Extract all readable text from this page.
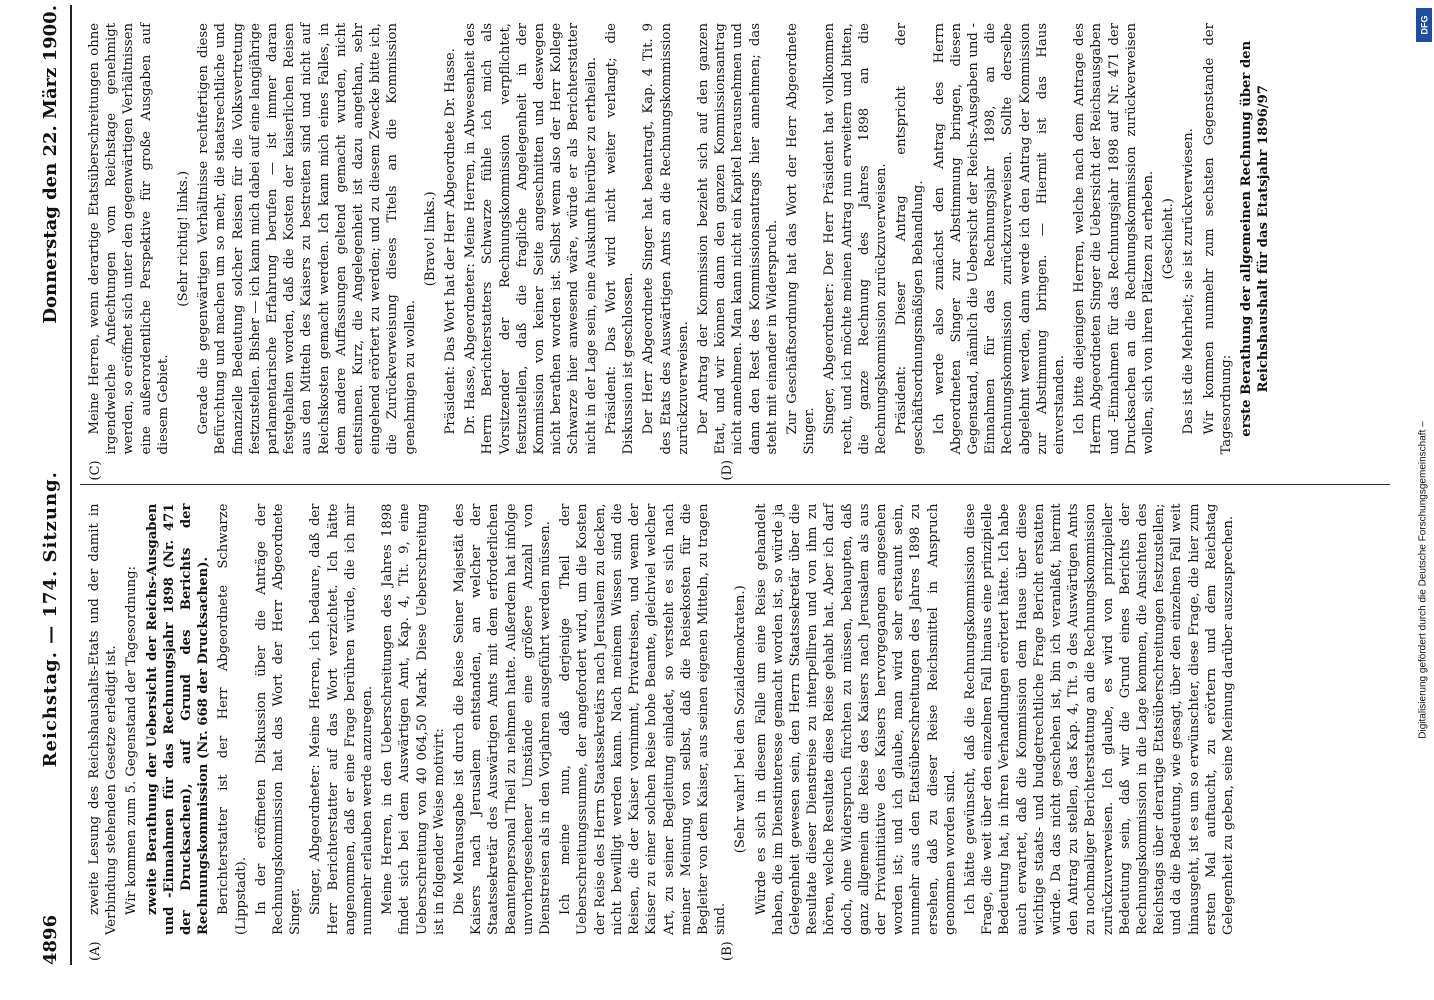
4896
Reichstag. — 174. Sitzung.
Donnerstag den 22. März 1900.
(A)	(B)

zweite Lesung des Reichshaushalts-Etats und der damit in Verbindung stehenden Gesetze erledigt ist. Wir kommen zum 5. Gegenstand der Tagesordnung: zweite Berathung der Uebersicht der Reichs-Ausgaben und -Einnahmen für das Rechnungsjahr 1898 (Nr. 471 der Drucksachen), auf Grund des Berichts der Rechnungskommission (Nr. 668 der Drucksachen). Berichterstatter ist der Herr Abgeordnete Schwarze (Lippstadt). In der eröffneten Diskussion über die Anträge der Rechnungskommission hat das Wort der Herr Abgeordnete Singer. Singer, Abgeordneter: Meine Herren, ich bedaure, daß der Herr Berichterstatter auf das Wort verzichtet. Ich hätte angenommen, daß er eine Frage berühren würde, die ich mir nunmehr erlauben werde anzuregen. Meine Herren, in den Ueberschreitungen des Jahres 1898 findet sich bei dem Auswärtigen Amt, Kap. 4, Tit. 9, eine Ueberschreitung von 40 064,50 Mark. Diese Ueberschreitung ist in folgender Weise motivirt: Die Mehrausgabe ist durch die Reise Seiner Majestät des Kaisers nach Jerusalem entstanden, an welcher der Staatssekretär des Auswärtigen Amts mit dem erforderlichen Beamtenpersonal Theil zu nehmen hatte. Außerdem hat infolge unvorhergesehener Umstände eine größere Anzahl von Dienstreisen als in den Vorjahren ausgeführt werden müssen. Ich meine nun, daß derjenige Theil der Ueberschreitungssumme, der angefordert wird, um die Kosten der Reise des Herrn Staatssekretärs nach Jerusalem zu decken, nicht bewilligt werden kann. Nach meinem Wissen sind die Reisen, die der Kaiser vornimmt, Privatreisen, und wenn der Kaiser zu einer solchen Reise hohe Beamte, gleichviel welcher Art, zu seiner Begleitung einladet, so versteht es sich nach meiner Meinung von selbst, daß die Reisekosten für die Begleiter von dem Kaiser, aus seinen eigenen Mitteln, zu tragen sind.

(Sehr wahr! bei den Sozialdemokraten.) Würde es sich in diesem Falle um eine Reise gehandelt haben, die im Dienstinteresse gemacht worden ist, so würde ja Gelegenheit gewesen sein, den Herrn Staatssekretär über die Resultate dieser Dienstreise zu interpelliren und von ihm zu hören, welche Resultate diese Reise gehabt hat. Aber ich darf doch, ohne Widerspruch fürchten zu müssen, behaupten, daß ganz allgemein die Reise des Kaisers nach Jerusalem als aus der Privatinitiative des Kaisers hervorgegangen angesehen worden ist; und ich glaube, man wird sehr erstaunt sein, nunmehr aus den Etatsüberschreitungen des Jahres 1898 zu ersehen, daß zu dieser Reise Reichsmittel in Anspruch genommen worden sind. Ich hätte gewünscht, daß die Rechnungskommission diese Frage, die weit über den einzelnen Fall hinaus eine prinzipielle Bedeutung hat, in ihren Verhandlungen erörtert hätte. Ich habe auch erwartet, daß die Kommission dem Hause über diese wichtige staats- und budgetrechtliche Frage Bericht erstatten würde. Da das nicht geschehen ist, bin ich veranlaßt, hiermit den Antrag zu stellen, das Kap. 4, Tit. 9 des Auswärtigen Amts zu nochmaliger Berichterstattung an die Rechnungskommission zurückzuverweisen. Ich glaube, es wird von prinzipieller Bedeutung sein, daß wir die Grund eines Berichts der Rechnungskommission in die Lage kommen, die Ansichten des Reichstags über derartige Etatsüberschreitungen festzustellen; und da die Bedeutung, wie gesagt, über den einzelnen Fall weit hinausgeht, ist es um so erwünschter, diese Frage, die hier zum ersten Mal auftaucht, zu erörtern und dem Reichstag Gelegenheit zu geben, seine Meinung darüber auszusprechen.

(C)	(D)

Meine Herren, wenn derartige Etatsüberschreitungen ohne irgendwelche Anfechtungen vom Reichstage genehmigt werden, so eröffnet sich unter den gegenwärtigen Verhältnissen eine außerordentliche Perspektive für große Ausgaben auf diesem Gebiet.

(Sehr richtig! links.) Gerade die gegenwärtigen Verhältnisse rechtfertigen diese Befürchtung und machen um so mehr, die staatsrechtliche und finanzielle Bedeutung solcher Reisen für die Volksvertretung festzustellen. Bisher — ich kann mich dabei auf eine langjährige parlamentarische Erfahrung berufen — ist immer daran festgehalten worden, daß die Kosten der kaiserlichen Reisen aus den Mitteln des Kaisers zu bestreiten sind und nicht auf Reichskosten gemacht werden. Ich kann mich eines Falles, in dem andere Auffassungen geltend gemacht wurden, nicht entsinnen. Kurz, die Angelegenheit ist dazu angethan, sehr eingehend erörtert zu werden; und zu diesem Zwecke bitte ich, die Zurückverweisung dieses Titels an die Kommission genehmigen zu wollen.

(Bravo! links.) Präsident: Das Wort hat der Herr Abgeordnete Dr. Hasse. Dr. Hasse, Abgeordneter: Meine Herren, in Abwesenheit des Herrn Berichterstatters Schwarze fühle ich mich als Vorsitzender der Rechnungskommission verpflichtet, festzustellen, daß die fragliche Angelegenheit in der Kommission von keiner Seite angeschnitten und deswegen nicht berathen worden ist. Selbst wenn also der Herr Kollege Schwarze hier anwesend wäre, würde er als Berichterstatter nicht in der Lage sein, eine Auskunft hierüber zu ertheilen. Präsident: Das Wort wird nicht weiter verlangt; die Diskussion ist geschlossen. Der Herr Abgeordnete Singer hat beantragt, Kap. 4 Tit. 9 des Etats des Auswärtigen Amts an die Rechnungskommission zurückzuverweisen. Der Antrag der Kommission bezieht sich auf den ganzen Etat, und wir können dann den ganzen Kommissionsantrag nicht annehmen. Man kann nicht ein Kapitel herausnehmen und dann den Rest des Kommissionsantrags hier annehmen; das steht mit einander in Widerspruch. Zur Geschäftsordnung hat das Wort der Herr Abgeordnete Singer. Singer, Abgeordneter: Der Herr Präsident hat vollkommen recht, und ich möchte meinen Antrag nun erweitern und bitten, die ganze Rechnung des Jahres 1898 an die Rechnungskommission zurückzuverweisen. Präsident: Dieser Antrag entspricht der geschäftsordnungsmäßigen Behandlung. Ich werde also zunächst den Antrag des Herrn Abgeordneten Singer zur Abstimmung bringen, diesen Gegenstand, nämlich die Uebersicht der Reichs-Ausgaben und -Einnahmen für das Rechnungsjahr 1898, an die Rechnungskommission zurückzuverweisen. Sollte derselbe abgelehnt werden, dann werde ich den Antrag der Kommission zur Abstimmung bringen. — Hiermit ist das Haus einverstanden. Ich bitte diejenigen Herren, welche nach dem Antrage des Herrn Abgeordneten Singer die Uebersicht der Reichsausgaben und -Einnahmen für das Rechnungsjahr 1898 auf Nr. 471 der Drucksachen an die Rechnungskommission zurückverweisen wollen, sich von ihren Plätzen zu erheben. (Geschieht.) Das ist die Mehrheit; sie ist zurückverwiesen. Wir kommen nunmehr zum sechsten Gegenstande der Tagesordnung: erste Berathung der allgemeinen Rechnung über den Reichshaushalt für das Etatsjahr 1896/97

DFG
Digitalisierung gefördert durch die Deutsche Forschungsgemeinschaft –
